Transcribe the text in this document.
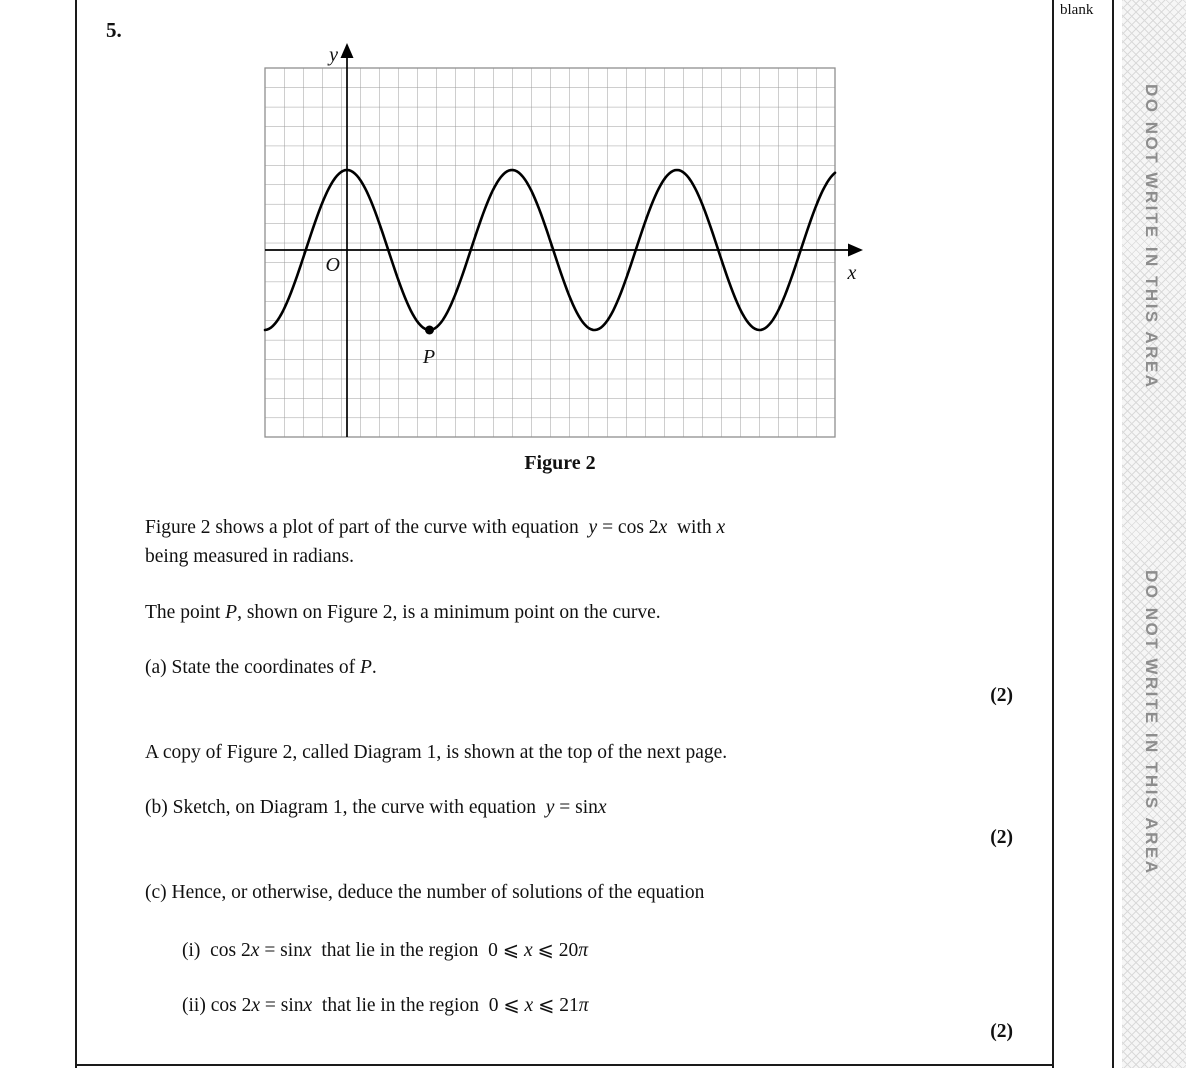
blank
5.
y
x
O
P
Figure 2
Figure 2 shows a plot of part of the curve with equation  y = cos 2x  with x
being measured in radians.
The point P, shown on Figure 2, is a minimum point on the curve.
(a) State the coordinates of P.
(2)
A copy of Figure 2, called Diagram 1, is shown at the top of the next page.
(b) Sketch, on Diagram 1, the curve with equation  y = sinx
(2)
(c) Hence, or otherwise, deduce the number of solutions of the equation
(i)  cos 2x = sinx  that lie in the region  0 ⩽ x ⩽ 20π
(ii) cos 2x = sinx  that lie in the region  0 ⩽ x ⩽ 21π
(2)
DO NOT WRITE IN THIS AREA
DO NOT WRITE IN THIS AREA
